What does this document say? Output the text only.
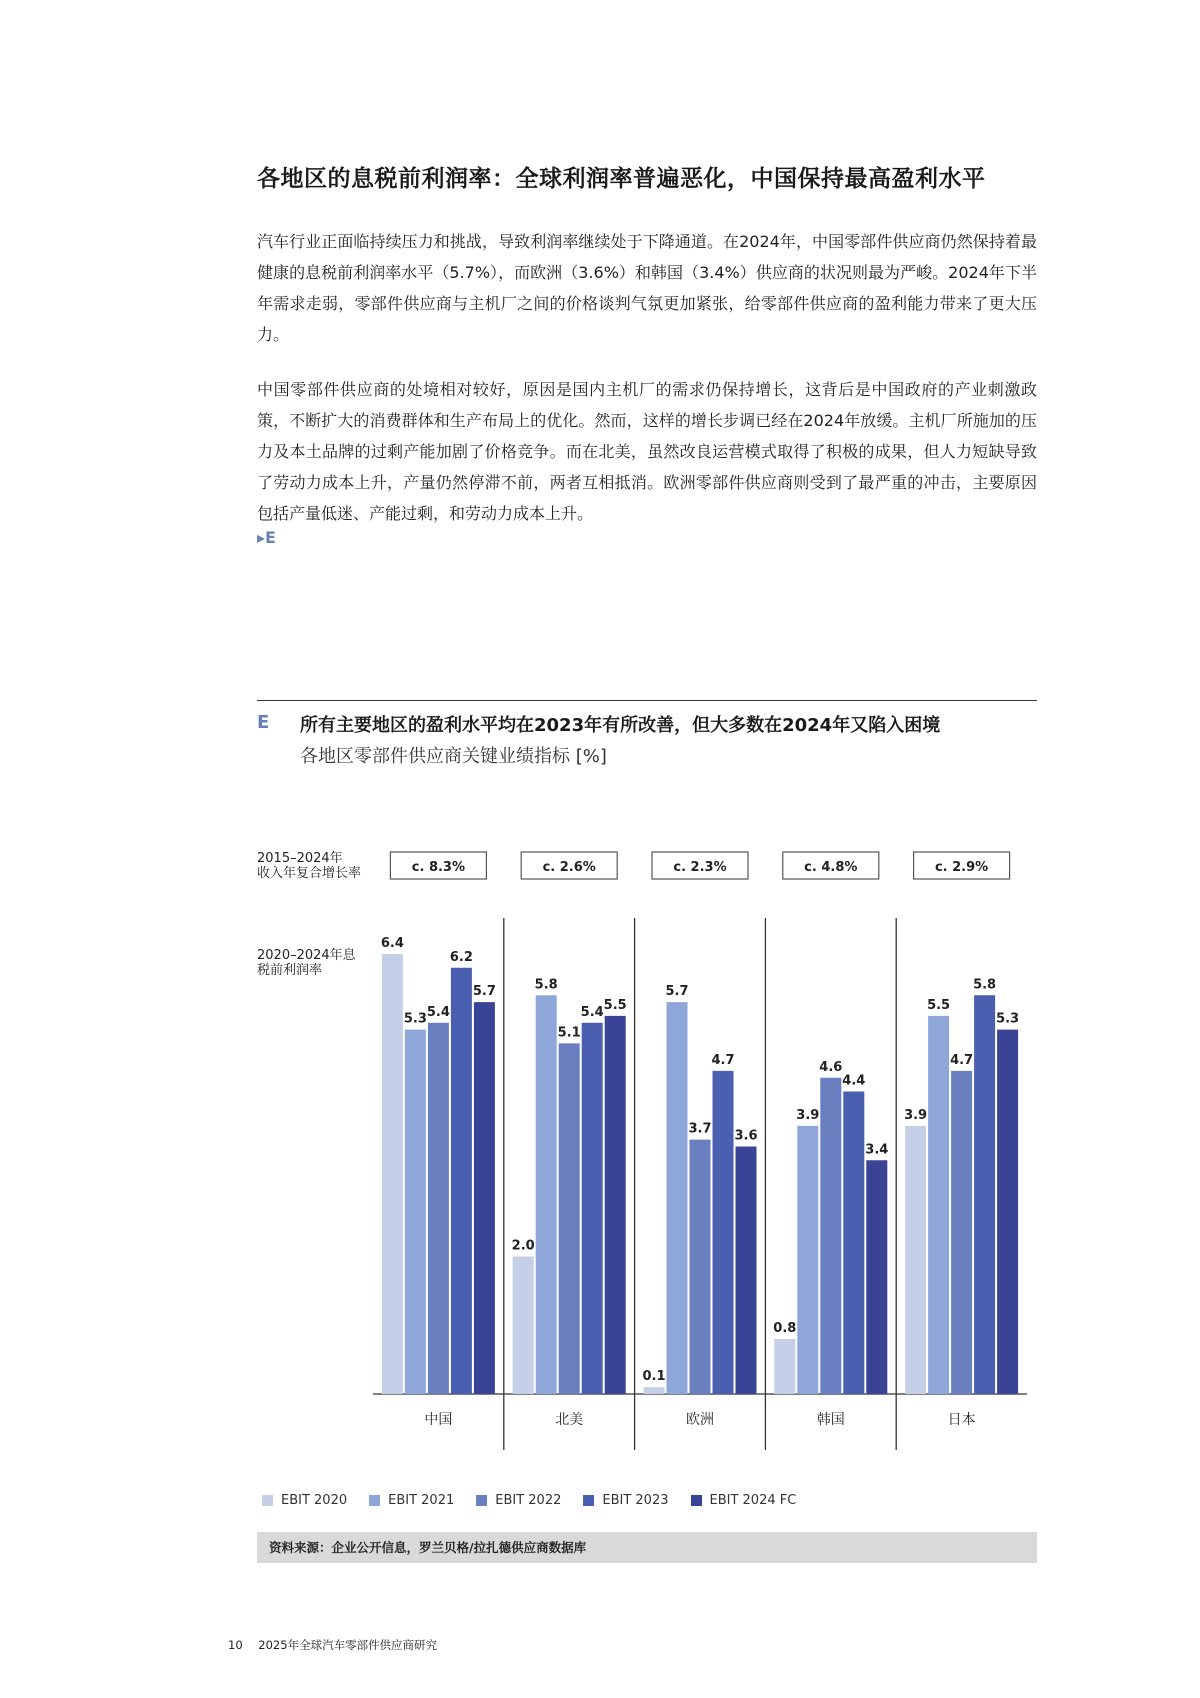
各地区的息税前利润率：全球利润率普遍恶化，中国保持最高盈利水平

汽车行业正面临持续压力和挑战，导致利润率继续处于下降通道。在2024年，中国零部件供应商仍然保持着最健康的息税前利润率水平（5.7%），而欧洲（3.6%）和韩国（3.4%）供应商的状况则最为严峻。2024年下半年需求走弱，零部件供应商与主机厂之间的价格谈判气氛更加紧张，给零部件供应商的盈利能力带来了更大压力。

中国零部件供应商的处境相对较好，原因是国内主机厂的需求仍保持增长，这背后是中国政府的产业刺激政策，不断扩大的消费群体和生产布局上的优化。然而，这样的增长步调已经在2024年放缓。主机厂所施加的压力及本土品牌的过剩产能加剧了价格竞争。而在北美，虽然改良运营模式取得了积极的成果，但人力短缺导致了劳动力成本上升，产量仍然停滞不前，两者互相抵消。欧洲零部件供应商则受到了最严重的冲击，主要原因包括产量低迷、产能过剩，和劳动力成本上升。

▸E
E 所有主要地区的盈利水平均在2023年有所改善，但大多数在2024年又陷入困境
各地区零部件供应商关键业绩指标 [%]
2015–2024年
收入年复合增长率
2020–2024年息
税前利润率
c. 8.3%
中国
6.4
5.3 5.4
6.2
5.7
c. 2.6%
北美
2.0
5.8
5.1
5.4 5.5
c. 2.3%
欧洲
0.1
5.7
3.7
4.7
3.6
c. 4.8%
韩国
0.8
3.9
4.6
4.4
3.4
c. 2.9%
日本
3.9
5.5
4.7
5.8
5.3
EBIT 2020	EBIT 2021	EBIT 2022	EBIT 2023	EBIT 2024 FC
资料来源：企业公开信息，罗兰贝格/拉扎德供应商数据库
10 2025年全球汽车零部件供应商研究
